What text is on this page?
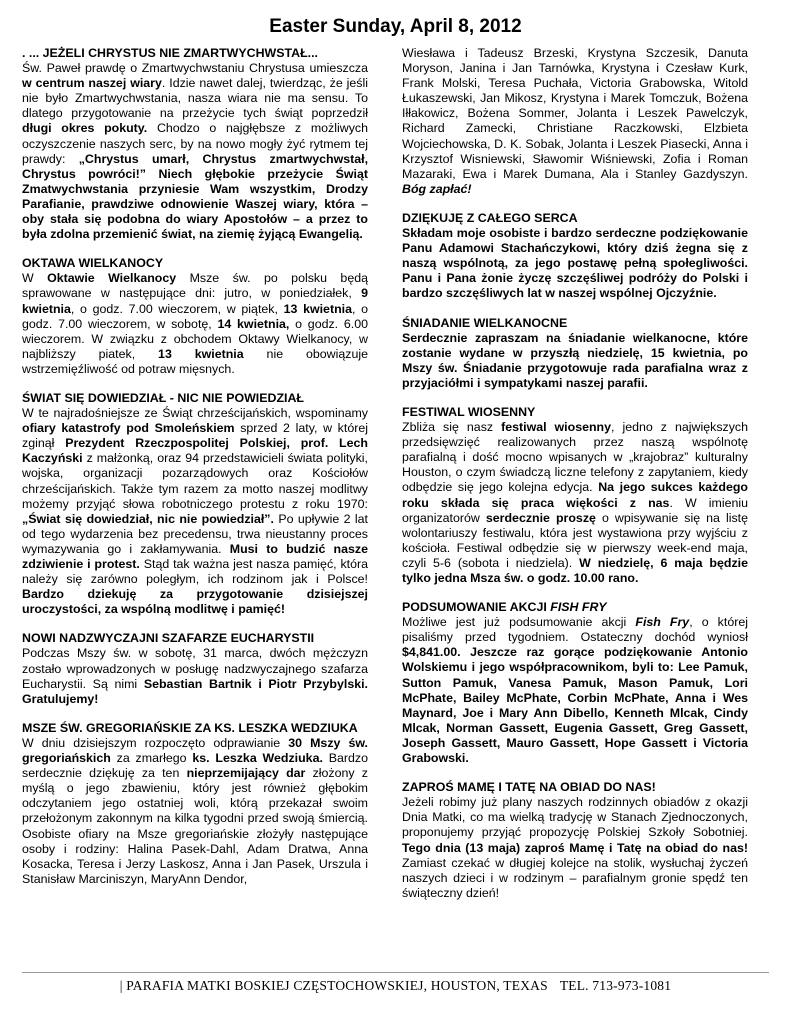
Easter Sunday, April 8, 2012

. ... JEŻELI CHRYSTUS NIE ZMARTWYCHWSTAŁ...

Św. Paweł prawdę o Zmartwychwstaniu Chrystusa umieszcza w centrum naszej wiary. Idzie nawet dalej, twierdząc, że jeśli nie było Zmartwychwstania, nasza wiara nie ma sensu. To dlatego przygotowanie na przeżycie tych świąt poprzedził długi okres pokuty. Chodzo o najgłębsze z możliwych oczyszczenie naszych serc, by na nowo mogły żyć rytmem tej prawdy: „Chrystus umarł, Chrystus zmartwychwstał, Chrystus powróci!” Niech głębokie przeżycie Świąt Zmatwychwstania przyniesie Wam wszystkim, Drodzy Parafianie, prawdziwe odnowienie Waszej wiary, która – oby stała się podobna do wiary Apostołów – a przez to była zdolna przemienić świat, na ziemię żyjącą Ewangelią.

OKTAWA WIELKANOCY

W Oktawie Wielkanocy Msze św. po polsku będą sprawowane w następujące dni: jutro, w poniedziałek, 9 kwietnia, o godz. 7.00 wieczorem, w piątek, 13 kwietnia, o godz. 7.00 wieczorem, w sobotę, 14 kwietnia, o godz. 6.00 wieczorem. W związku z obchodem Oktawy Wielkanocy, w najbliższy piatek, 13 kwietnia nie obowiązuje wstrzemięźliwość od potraw mięsnych.

ŚWIAT SIĘ DOWIEDZIAŁ - NIC NIE POWIEDZIAŁ

W te najradośniejsze ze Świąt chrześcijańskich, wspominamy ofiary katastrofy pod Smoleńskiem sprzed 2 laty, w której zginął Prezydent Rzeczpospolitej Polskiej, prof. Lech Kaczyński z małżonką, oraz 94 przedstawicieli świata polityki, wojska, organizacji pozarządowych oraz Kościołów chrześcijańskich. Także tym razem za motto naszej modlitwy możemy przyjąć słowa robotniczego protestu z roku 1970: „Świat się dowiedział, nic nie powiedział”. Po upływie 2 lat od tego wydarzenia bez precedensu, trwa nieustanny proces wymazywania go i zakłamywania. Musi to budzić nasze zdziwienie i protest. Stąd tak ważna jest nasza pamięć, która należy się zarówno poległym, ich rodzinom jak i Polsce! Bardzo dziekuję za przygotowanie dzisiejszej uroczystości, za wspólną modlitwę i pamięć!

NOWI NADZWYCZAJNI SZAFARZE EUCHARYSTII

Podczas Mszy św. w sobotę, 31 marca, dwóch mężczyzn zostało wprowadzonych w posługę nadzwyczajnego szafarza Eucharystii. Są nimi Sebastian Bartnik i Piotr Przybylski. Gratulujemy!

MSZE ŚW. GREGORIAŃSKIE ZA KS. LESZKA WEDZIUKA

W dniu dzisiejszym rozpoczęto odprawianie 30 Mszy św. gregoriańskich za zmarłego ks. Leszka Wedziuka. Bardzo serdecznie dziękuję za ten nieprzemijający dar złożony z myślą o jego zbawieniu, który jest również głębokim odczytaniem jego ostatniej woli, którą przekazał swoim przełożonym zakonnym na kilka tygodni przed swoją śmiercią. Osobiste ofiary na Msze gregoriańskie złożyły następujące osoby i rodziny: Halina Pasek-Dahl, Adam Dratwa, Anna Kosacka, Teresa i Jerzy Laskosz, Anna i Jan Pasek, Urszula i Stanisław Marciniszyn, MaryAnn Dendor,

Wiesława i Tadeusz Brzeski, Krystyna Szczesik, Danuta Moryson, Janina i Jan Tarnówka, Krystyna i Czesław Kurk, Frank Molski, Teresa Puchała, Victoria Grabowska, Witold Łukaszewski, Jan Mikosz, Krystyna i Marek Tomczuk, Bożena Iłłakowicz, Bożena Sommer, Jolanta i Leszek Pawelczyk, Richard Zamecki, Christiane Raczkowski, Elzbieta Wojciechowska, D. K. Sobak, Jolanta i Leszek Piasecki, Anna i Krzysztof Wisniewski, Sławomir Wiśniewski, Zofia i Roman Mazaraki, Ewa i Marek Dumana, Ala i Stanley Gazdyszyn. Bóg zapłać!

DZIĘKUJĘ Z CAŁEGO SERCA

Składam moje osobiste i bardzo serdeczne podziękowanie Panu Adamowi Stachańczykowi, który dziś żegna się z naszą wspólnotą, za jego postawę pełną społegliwości. Panu i Pana żonie życzę szczęśliwej podróży do Polski i bardzo szczęśliwych lat w naszej wspólnej Ojczyźnie.

ŚNIADANIE WIELKANOCNE

Serdecznie zapraszam na śniadanie wielkanocne, które zostanie wydane w przyszłą niedzielę, 15 kwietnia, po Mszy św. Śniadanie przygotowuje rada parafialna wraz z przyjaciółmi i sympatykami naszej parafii.

FESTIWAL WIOSENNY

Zbliża się nasz festiwal wiosenny, jedno z największych przedsięwzięć realizowanych przez naszą wspólnotę parafialną i dość mocno wpisanych w „krajobraz” kulturalny Houston, o czym świadczą liczne telefony z zapytaniem, kiedy odbędzie się jego kolejna edycja. Na jego sukces każdego roku składa się praca więkości z nas. W imieniu organizatorów serdecznie proszę o wpisywanie się na listę wolontariuszy festiwalu, która jest wystawiona przy wyjściu z kościoła. Festiwal odbędzie się w pierwszy week-end maja, czyli 5-6 (sobota i niedziela). W niedzielę, 6 maja będzie tylko jedna Msza św. o godz. 10.00 rano.

PODSUMOWANIE AKCJI FISH FRY

Możliwe jest już podsumowanie akcji Fish Fry, o której pisaliśmy przed tygodniem. Ostateczny dochód wyniosł $4,841.00. Jeszcze raz gorące podziękowanie Antonio Wolskiemu i jego współpracownikom, byli to: Lee Pamuk, Sutton Pamuk, Vanesa Pamuk, Mason Pamuk, Lori McPhate, Bailey McPhate, Corbin McPhate, Anna i Wes Maynard, Joe i Mary Ann Dibello, Kenneth Mlcak, Cindy Mlcak, Norman Gassett, Eugenia Gassett, Greg Gassett, Joseph Gassett, Mauro Gassett, Hope Gassett i Victoria Grabowski.

ZAPROŚ MAMĘ I TATĘ NA OBIAD DO NAS!

Jeżeli robimy już plany naszych rodzinnych obiadów z okazji Dnia Matki, co ma wielką tradycję w Stanach Zjednoczonych, proponujemy przyjąć propozycję Polskiej Szkoły Sobotniej. Tego dnia (13 maja) zaproś Mamę i Tatę na obiad do nas! Zamiast czekać w długiej kolejce na stolik, wysłuchaj życzeń naszych dzieci i w rodzinym – parafialnym gronie spędź ten świąteczny dzień!

| PARAFIA MATKI BOSKIEJ CZĘSTOCHOWSKIEJ, HOUSTON, TEXAS TEL. 713-973-1081
